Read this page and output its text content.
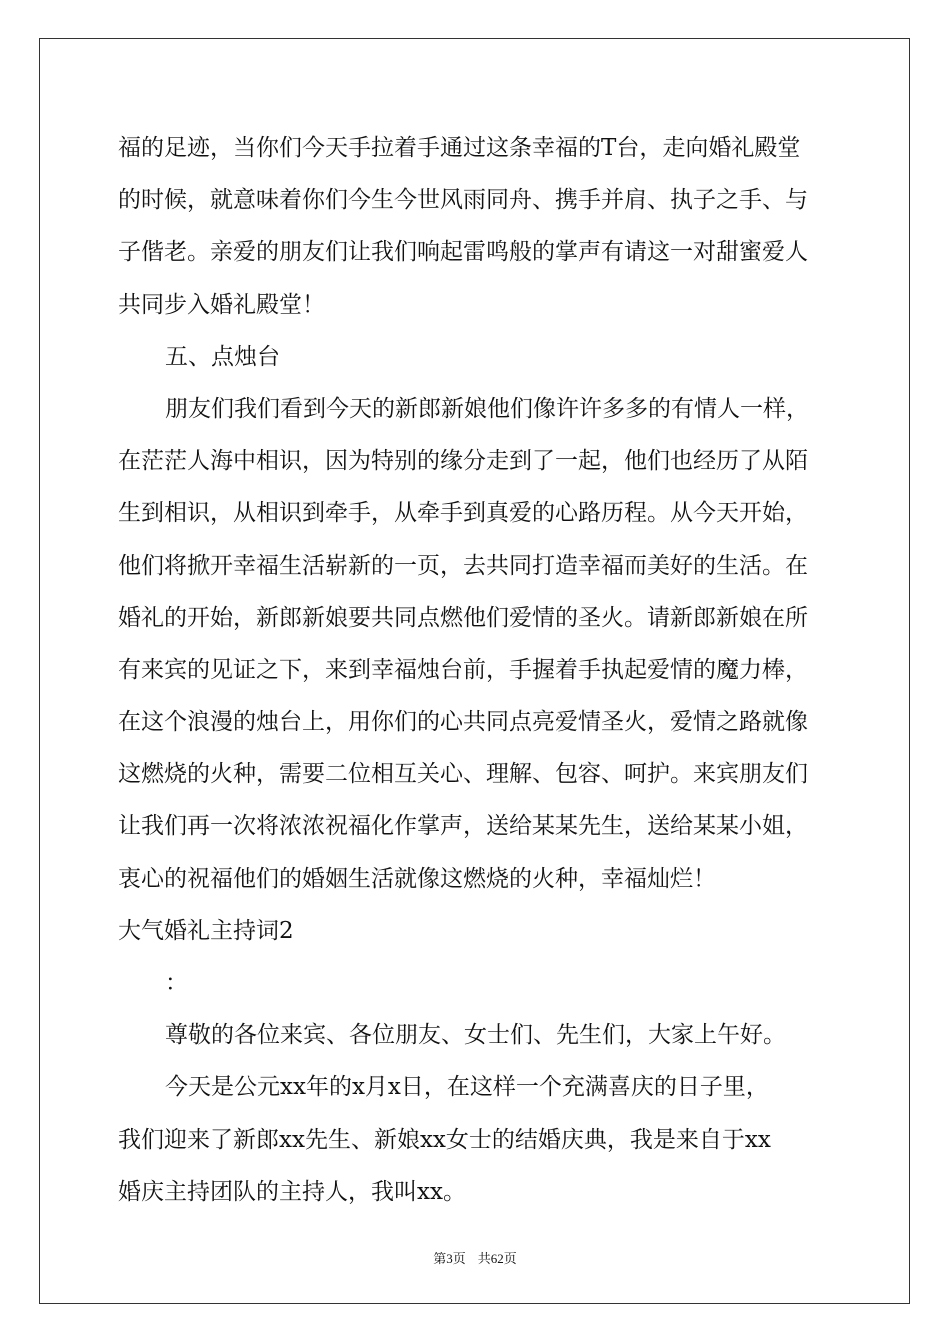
福的足迹，当你们今天手拉着手通过这条幸福的T台，走向婚礼殿堂
的时候，就意味着你们今生今世风雨同舟、携手并肩、执子之手、与
子偕老。亲爱的朋友们让我们响起雷鸣般的掌声有请这一对甜蜜爱人
共同步入婚礼殿堂！
五、点烛台
朋友们我们看到今天的新郎新娘他们像许许多多的有情人一样，
在茫茫人海中相识，因为特别的缘分走到了一起，他们也经历了从陌
生到相识，从相识到牵手，从牵手到真爱的心路历程。从今天开始，
他们将掀开幸福生活崭新的一页，去共同打造幸福而美好的生活。在
婚礼的开始，新郎新娘要共同点燃他们爱情的圣火。请新郎新娘在所
有来宾的见证之下，来到幸福烛台前，手握着手执起爱情的魔力棒，
在这个浪漫的烛台上，用你们的心共同点亮爱情圣火，爱情之路就像
这燃烧的火种，需要二位相互关心、理解、包容、呵护。来宾朋友们
让我们再一次将浓浓祝福化作掌声，送给某某先生，送给某某小姐，
衷心的祝福他们的婚姻生活就像这燃烧的火种，幸福灿烂！
大气婚礼主持词2
：
尊敬的各位来宾、各位朋友、女士们、先生们，大家上午好。
今天是公元xx年的x月x日，在这样一个充满喜庆的日子里，
我们迎来了新郎xx先生、新娘xx女士的结婚庆典，我是来自于xx
婚庆主持团队的主持人，我叫xx。
第3页 共62页
